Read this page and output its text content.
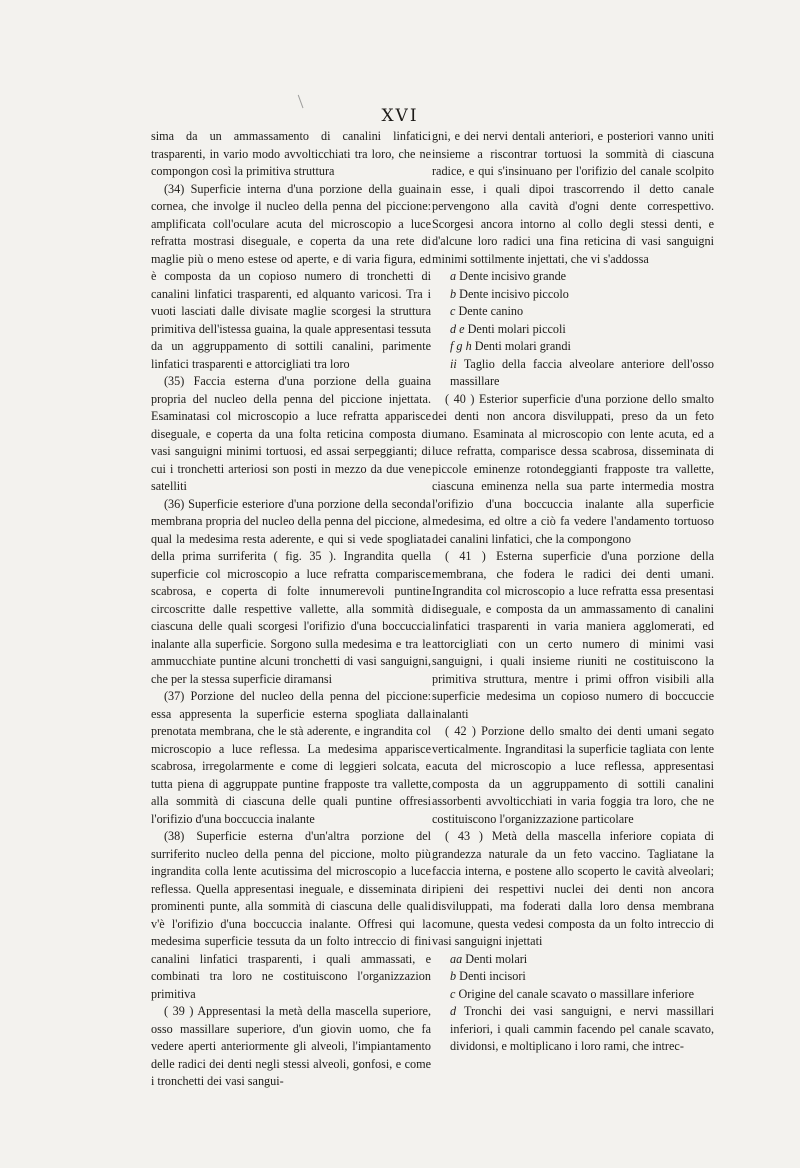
XVI

sima da un ammassamento di canalini linfatici trasparenti, in vario modo avvolticchiati tra loro, che ne compongon così la primitiva struttura

(34) Superficie interna d'una porzione della guaina cornea, che involge il nucleo della penna del piccione: amplificata coll'oculare acuta del microscopio a luce refratta mostrasi diseguale, e coperta da una rete di maglie più o meno estese od aperte, e di varia figura, ed è composta da un copioso numero di tronchetti di canalini linfatici trasparenti, ed alquanto varicosi. Tra i vuoti lasciati dalle divisate maglie scorgesi la struttura primitiva dell'istessa guaina, la quale appresentasi tessuta da un aggruppamento di sottili canalini, parimente linfatici trasparenti e attorcigliati tra loro

(35) Faccia esterna d'una porzione della guaina propria del nucleo della penna del piccione injettata. Esaminatasi col microscopio a luce refratta apparisce diseguale, e coperta da una folta reticina composta di vasi sanguigni minimi tortuosi, ed assai serpeggianti; di cui i tronchetti arteriosi son posti in mezzo da due vene satelliti

(36) Superficie esteriore d'una porzione della seconda membrana propria del nucleo della penna del piccione, al qual la medesima resta aderente, e qui si vede spogliata della prima surriferita ( fig. 35 ). Ingrandita quella superficie col microscopio a luce refratta comparisce scabrosa, e coperta di folte innumerevoli puntine circoscritte dalle respettive vallette, alla sommità di ciascuna delle quali scorgesi l'orifizio d'una boccuccia inalante alla superficie. Sorgono sulla medesima e tra le ammucchiate puntine alcuni tronchetti di vasi sanguigni, che per la stessa superficie diramansi

(37) Porzione del nucleo della penna del piccione: essa appresenta la superficie esterna spogliata dalla prenotata membrana, che le stà aderente, e ingrandita col microscopio a luce reflessa. La medesima apparisce scabrosa, irregolarmente e come di leggieri solcata, e tutta piena di aggruppate puntine frapposte tra vallette, alla sommità di ciascuna delle quali puntine offresi l'orifizio d'una boccuccia inalante

(38) Superficie esterna d'un'altra porzione del surriferito nucleo della penna del piccione, molto più ingrandita colla lente acutissima del microscopio a luce reflessa. Quella appresentasi ineguale, e disseminata di prominenti punte, alla sommità di ciascuna delle quali v'è l'orifizio d'una boccuccia inalante. Offresi qui la medesima superficie tessuta da un folto intreccio di fini canalini linfatici trasparenti, i quali ammassati, e combinati tra loro ne costituiscono l'organizzazion primitiva

( 39 ) Appresentasi la metà della mascella superiore, osso massillare superiore, d'un giovin uomo, che fa vedere aperti anteriormente gli alveoli, l'impiantamento delle radici dei denti negli stessi alveoli, gonfosi, e come i tronchetti dei vasi sangui-

gni, e dei nervi dentali anteriori, e posteriori vanno uniti insieme a riscontrar tortuosi la sommità di ciascuna radice, e qui s'insinuano per l'orifizio del canale scolpito in esse, i quali dipoi trascorrendo il detto canale pervengono alla cavità d'ogni dente correspettivo. Scorgesi ancora intorno al collo degli stessi denti, e d'alcune loro radici una fina reticina di vasi sanguigni minimi sottilmente injettati, che vi s'addossa

a Dente incisivo grande
b Dente incisivo piccolo
c Dente canino
d e Denti molari piccoli
f g h Denti molari grandi
ii Taglio della faccia alveolare anteriore dell'osso massillare

( 40 ) Esterior superficie d'una porzione dello smalto dei denti non ancora disviluppati, preso da un feto umano. Esaminata al microscopio con lente acuta, ed a luce refratta, comparisce dessa scabrosa, disseminata di piccole eminenze rotondeggianti frapposte tra vallette, ciascuna eminenza nella sua parte intermedia mostra l'orifizio d'una boccuccia inalante alla superficie medesima, ed oltre a ciò fa vedere l'andamento tortuoso dei canalini linfatici, che la compongono

( 41 ) Esterna superficie d'una porzione della membrana, che fodera le radici dei denti umani. Ingrandita col microscopio a luce refratta essa presentasi diseguale, e composta da un ammassamento di canalini linfatici trasparenti in varia maniera agglomerati, ed attorcigliati con un certo numero di minimi vasi sanguigni, i quali insieme riuniti ne costituiscono la primitiva struttura, mentre i primi offron visibili alla superficie medesima un copioso numero di boccuccie inalanti

( 42 ) Porzione dello smalto dei denti umani segato verticalmente. Ingranditasi la superficie tagliata con lente acuta del microscopio a luce reflessa, appresentasi composta da un aggruppamento di sottili canalini assorbenti avvolticchiati in varia foggia tra loro, che ne costituiscono l'organizzazione particolare

( 43 ) Metà della mascella inferiore copiata di grandezza naturale da un feto vaccino. Tagliatane la faccia interna, e postene allo scoperto le cavità alveolari; ripieni dei respettivi nuclei dei denti non ancora disviluppati, ma foderati dalla loro densa membrana comune, questa vedesi composta da un folto intreccio di vasi sanguigni injettati

aa Denti molari
b Denti incisori
c Origine del canale scavato o massillare inferiore
d Tronchi dei vasi sanguigni, e nervi massillari inferiori, i quali cammin facendo pel canale scavato, dividonsi, e moltiplicano i loro rami, che intrec-
